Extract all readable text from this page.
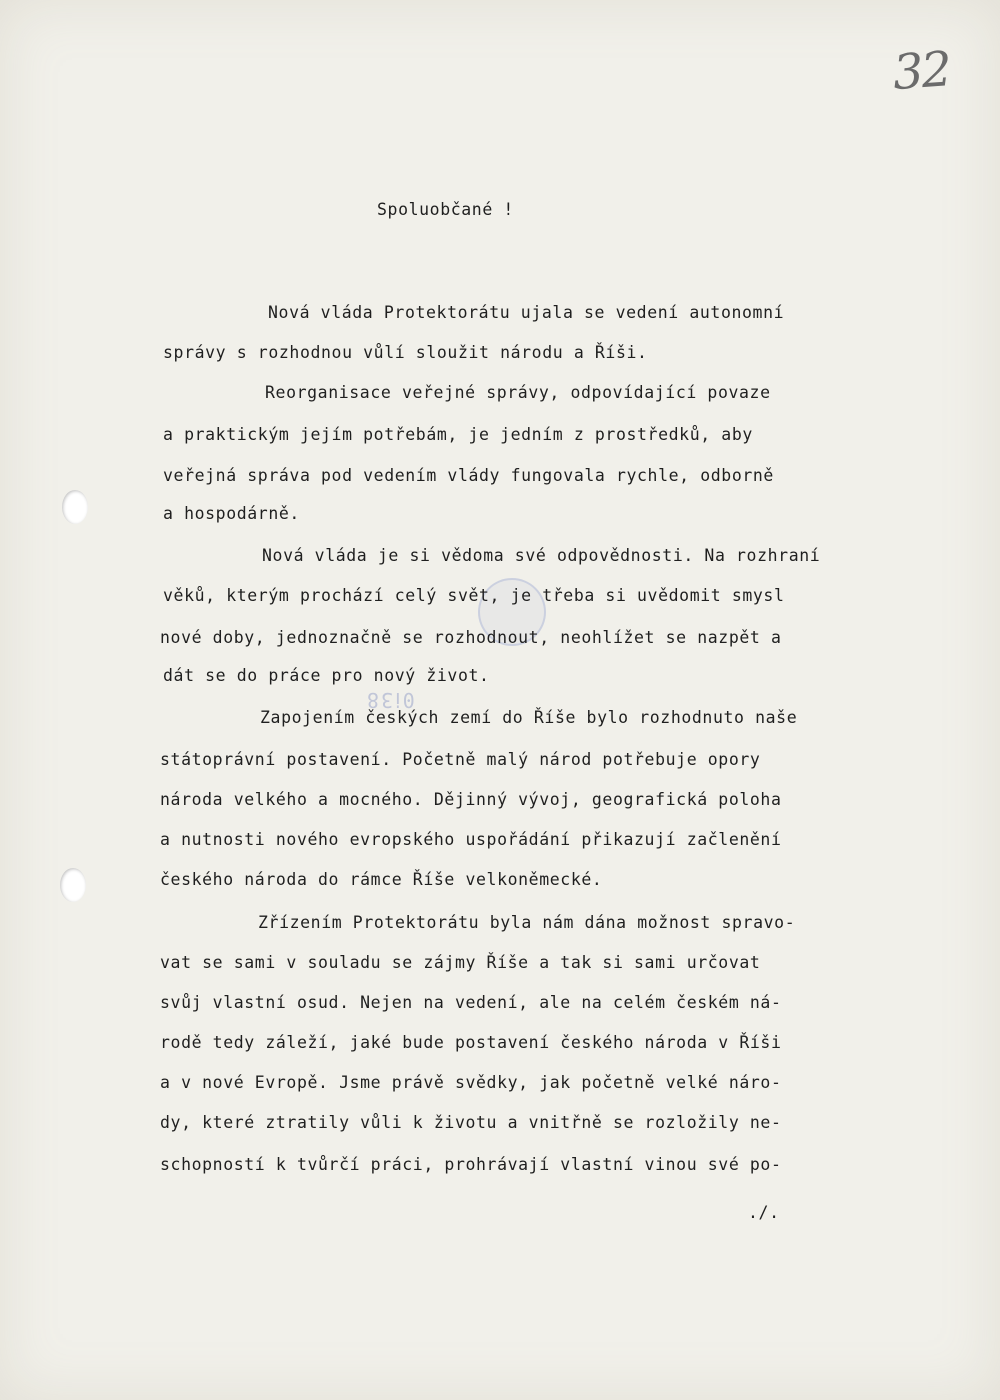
32
0ⅰ38
Spoluobčané !
Nová vláda Protektorátu ujala se vedení autonomní
správy s rozhodnou vůlí sloužit národu a Říši.
Reorganisace veřejné správy, odpovídající povaze
a praktickým jejím potřebám, je jedním z prostředků, aby
veřejná správa pod vedením vlády fungovala rychle, odborně
a hospodárně.
Nová vláda je si vědoma své odpovědnosti. Na rozhraní
věků, kterým prochází celý svět, je třeba si uvědomit smysl
nové doby, jednoznačně se rozhodnout, neohlížet se nazpět a
dát se do práce pro nový život.
Zapojením českých zemí do Říše bylo rozhodnuto naše
státoprávní postavení. Početně malý národ potřebuje opory
národa velkého a mocného. Dějinný vývoj, geografická poloha
a nutnosti nového evropského uspořádání přikazují začlenění
českého národa do rámce Říše velkoněmecké.
Zřízením Protektorátu byla nám dána možnost spravo-
vat se sami v souladu se zájmy Říše a tak si sami určovat
svůj vlastní osud. Nejen na vedení, ale na celém českém ná-
rodě tedy záleží, jaké bude postavení českého národa v Říši
a v nové Evropě. Jsme právě svědky, jak početně velké náro-
dy, které ztratily vůli k životu a vnitřně se rozložily ne-
schopností k tvůrčí práci, prohrávají vlastní vinou své po-
./.
